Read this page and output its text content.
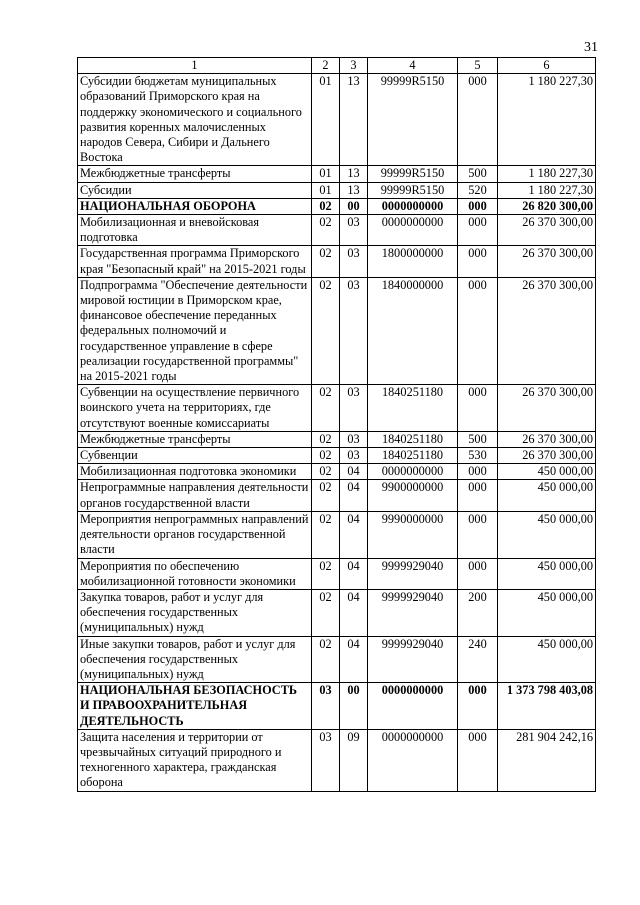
31
1	2	3	4	5	6
Субсидии бюджетам муниципальных образований Приморского края на поддержку экономического и социального развития коренных малочисленных народов Севера, Сибири и Дальнего Востока	01	13	99999R5150	000	1 180 227,30
Межбюджетные трансферты	01	13	99999R5150	500	1 180 227,30
Субсидии	01	13	99999R5150	520	1 180 227,30
НАЦИОНАЛЬНАЯ ОБОРОНА	02	00	0000000000	000	26 820 300,00
Мобилизационная и вневойсковая подготовка	02	03	0000000000	000	26 370 300,00
Государственная программа Приморского края "Безопасный край" на 2015-2021 годы	02	03	1800000000	000	26 370 300,00
Подпрограмма "Обеспечение деятельности мировой юстиции в Приморском крае, финансовое обеспечение переданных федеральных полномочий и государственное управление в сфере реализации государственной программы" на 2015-2021 годы	02	03	1840000000	000	26 370 300,00
Субвенции на осуществление первичного воинского учета на территориях, где отсутствуют военные комиссариаты	02	03	1840251180	000	26 370 300,00
Межбюджетные трансферты	02	03	1840251180	500	26 370 300,00
Субвенции	02	03	1840251180	530	26 370 300,00
Мобилизационная подготовка экономики	02	04	0000000000	000	450 000,00
Непрограммные направления деятельности органов государственной власти	02	04	9900000000	000	450 000,00
Мероприятия непрограммных направлений деятельности органов государственной власти	02	04	9990000000	000	450 000,00
Мероприятия по обеспечению мобилизационной готовности экономики	02	04	9999929040	000	450 000,00
Закупка товаров, работ и услуг для обеспечения государственных (муниципальных) нужд	02	04	9999929040	200	450 000,00
Иные закупки товаров, работ и услуг для обеспечения государственных (муниципальных) нужд	02	04	9999929040	240	450 000,00
НАЦИОНАЛЬНАЯ БЕЗОПАСНОСТЬ И ПРАВООХРАНИТЕЛЬНАЯ ДЕЯТЕЛЬНОСТЬ	03	00	0000000000	000	1 373 798 403,08
Защита населения и территории от чрезвычайных ситуаций природного и техногенного характера, гражданская оборона	03	09	0000000000	000	281 904 242,16
